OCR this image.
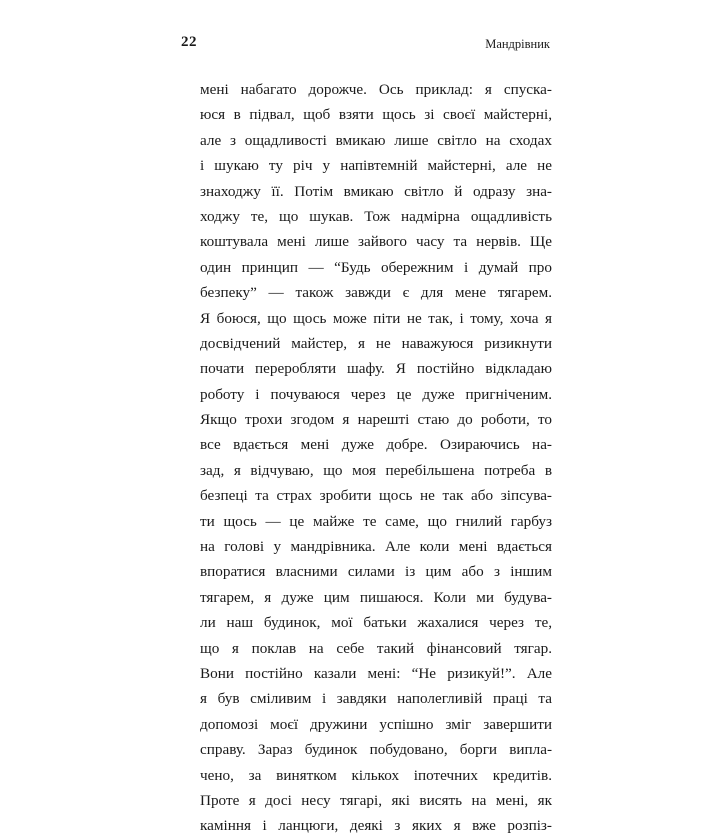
22	Мандрівник
мені набагато дорожче. Ось приклад: я спуска-
юся в підвал, щоб взяти щось зі своєї майстерні,
але з ощадливості вмикаю лише світло на сходах
і шукаю ту річ у напівтемній майстерні, але не
знаходжу її. Потім вмикаю світло й одразу зна-
ходжу те, що шукав. Тож надмірна ощадливість
коштувала мені лише зайвого часу та нервів. Ще
один принцип — “Будь обережним і думай про
безпеку” — також завжди є для мене тягарем.
Я боюся, що щось може піти не так, і тому, хоча я
досвідчений майстер, я не наважуюся ризикнути
почати переробляти шафу. Я постійно відкладаю
роботу і почуваюся через це дуже пригніченим.
Якщо трохи згодом я нарешті стаю до роботи, то
все вдається мені дуже добре. Озираючись на-
зад, я відчуваю, що моя перебільшена потреба в
безпеці та страх зробити щось не так або зіпсува-
ти щось — це майже те саме, що гнилий гарбуз
на голові у мандрівника. Але коли мені вдається
впоратися власними силами із цим або з іншим
тягарем, я дуже цим пишаюся. Коли ми будува-
ли наш будинок, мої батьки жахалися через те,
що я поклав на себе такий фінансовий тягар.
Вони постійно казали мені: “Не ризикуй!”. Але
я був сміливим і завдяки наполегливій праці та
допомозі моєї дружини успішно зміг завершити
справу. Зараз будинок побудовано, борги виплa-
чено, за винятком кількох іпотечних кредитів.
Проте я досі несу тягарі, які висять на мені, як
каміння і ланцюги, деякі з яких я вже розпіз-
